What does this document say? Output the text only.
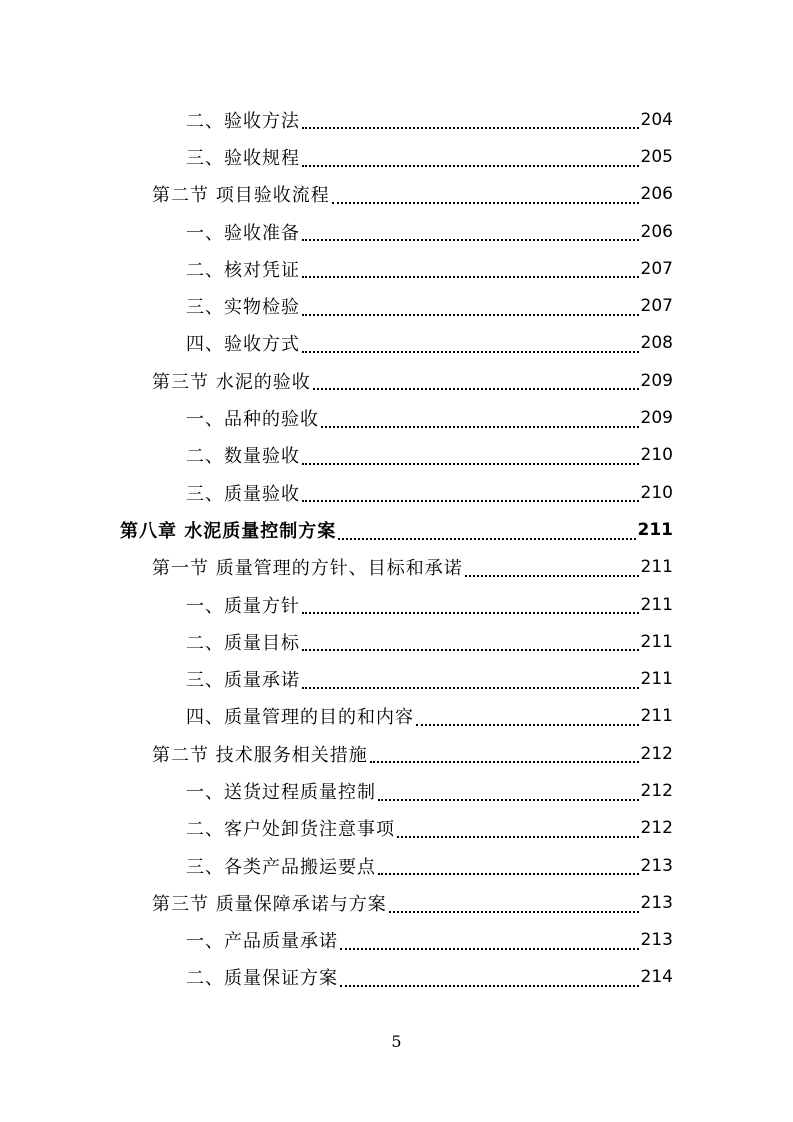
二、验收方法	204
三、验收规程	205
第二节 项目验收流程	206
一、验收准备	206
二、核对凭证	207
三、实物检验	207
四、验收方式	208
第三节 水泥的验收	209
一、品种的验收	209
二、数量验收	210
三、质量验收	210
第八章 水泥质量控制方案	211
第一节 质量管理的方针、目标和承诺	211
一、质量方针	211
二、质量目标	211
三、质量承诺	211
四、质量管理的目的和内容	211
第二节 技术服务相关措施	212
一、送货过程质量控制	212
二、客户处卸货注意事项	212
三、各类产品搬运要点	213
第三节 质量保障承诺与方案	213
一、产品质量承诺	213
二、质量保证方案	214
5
